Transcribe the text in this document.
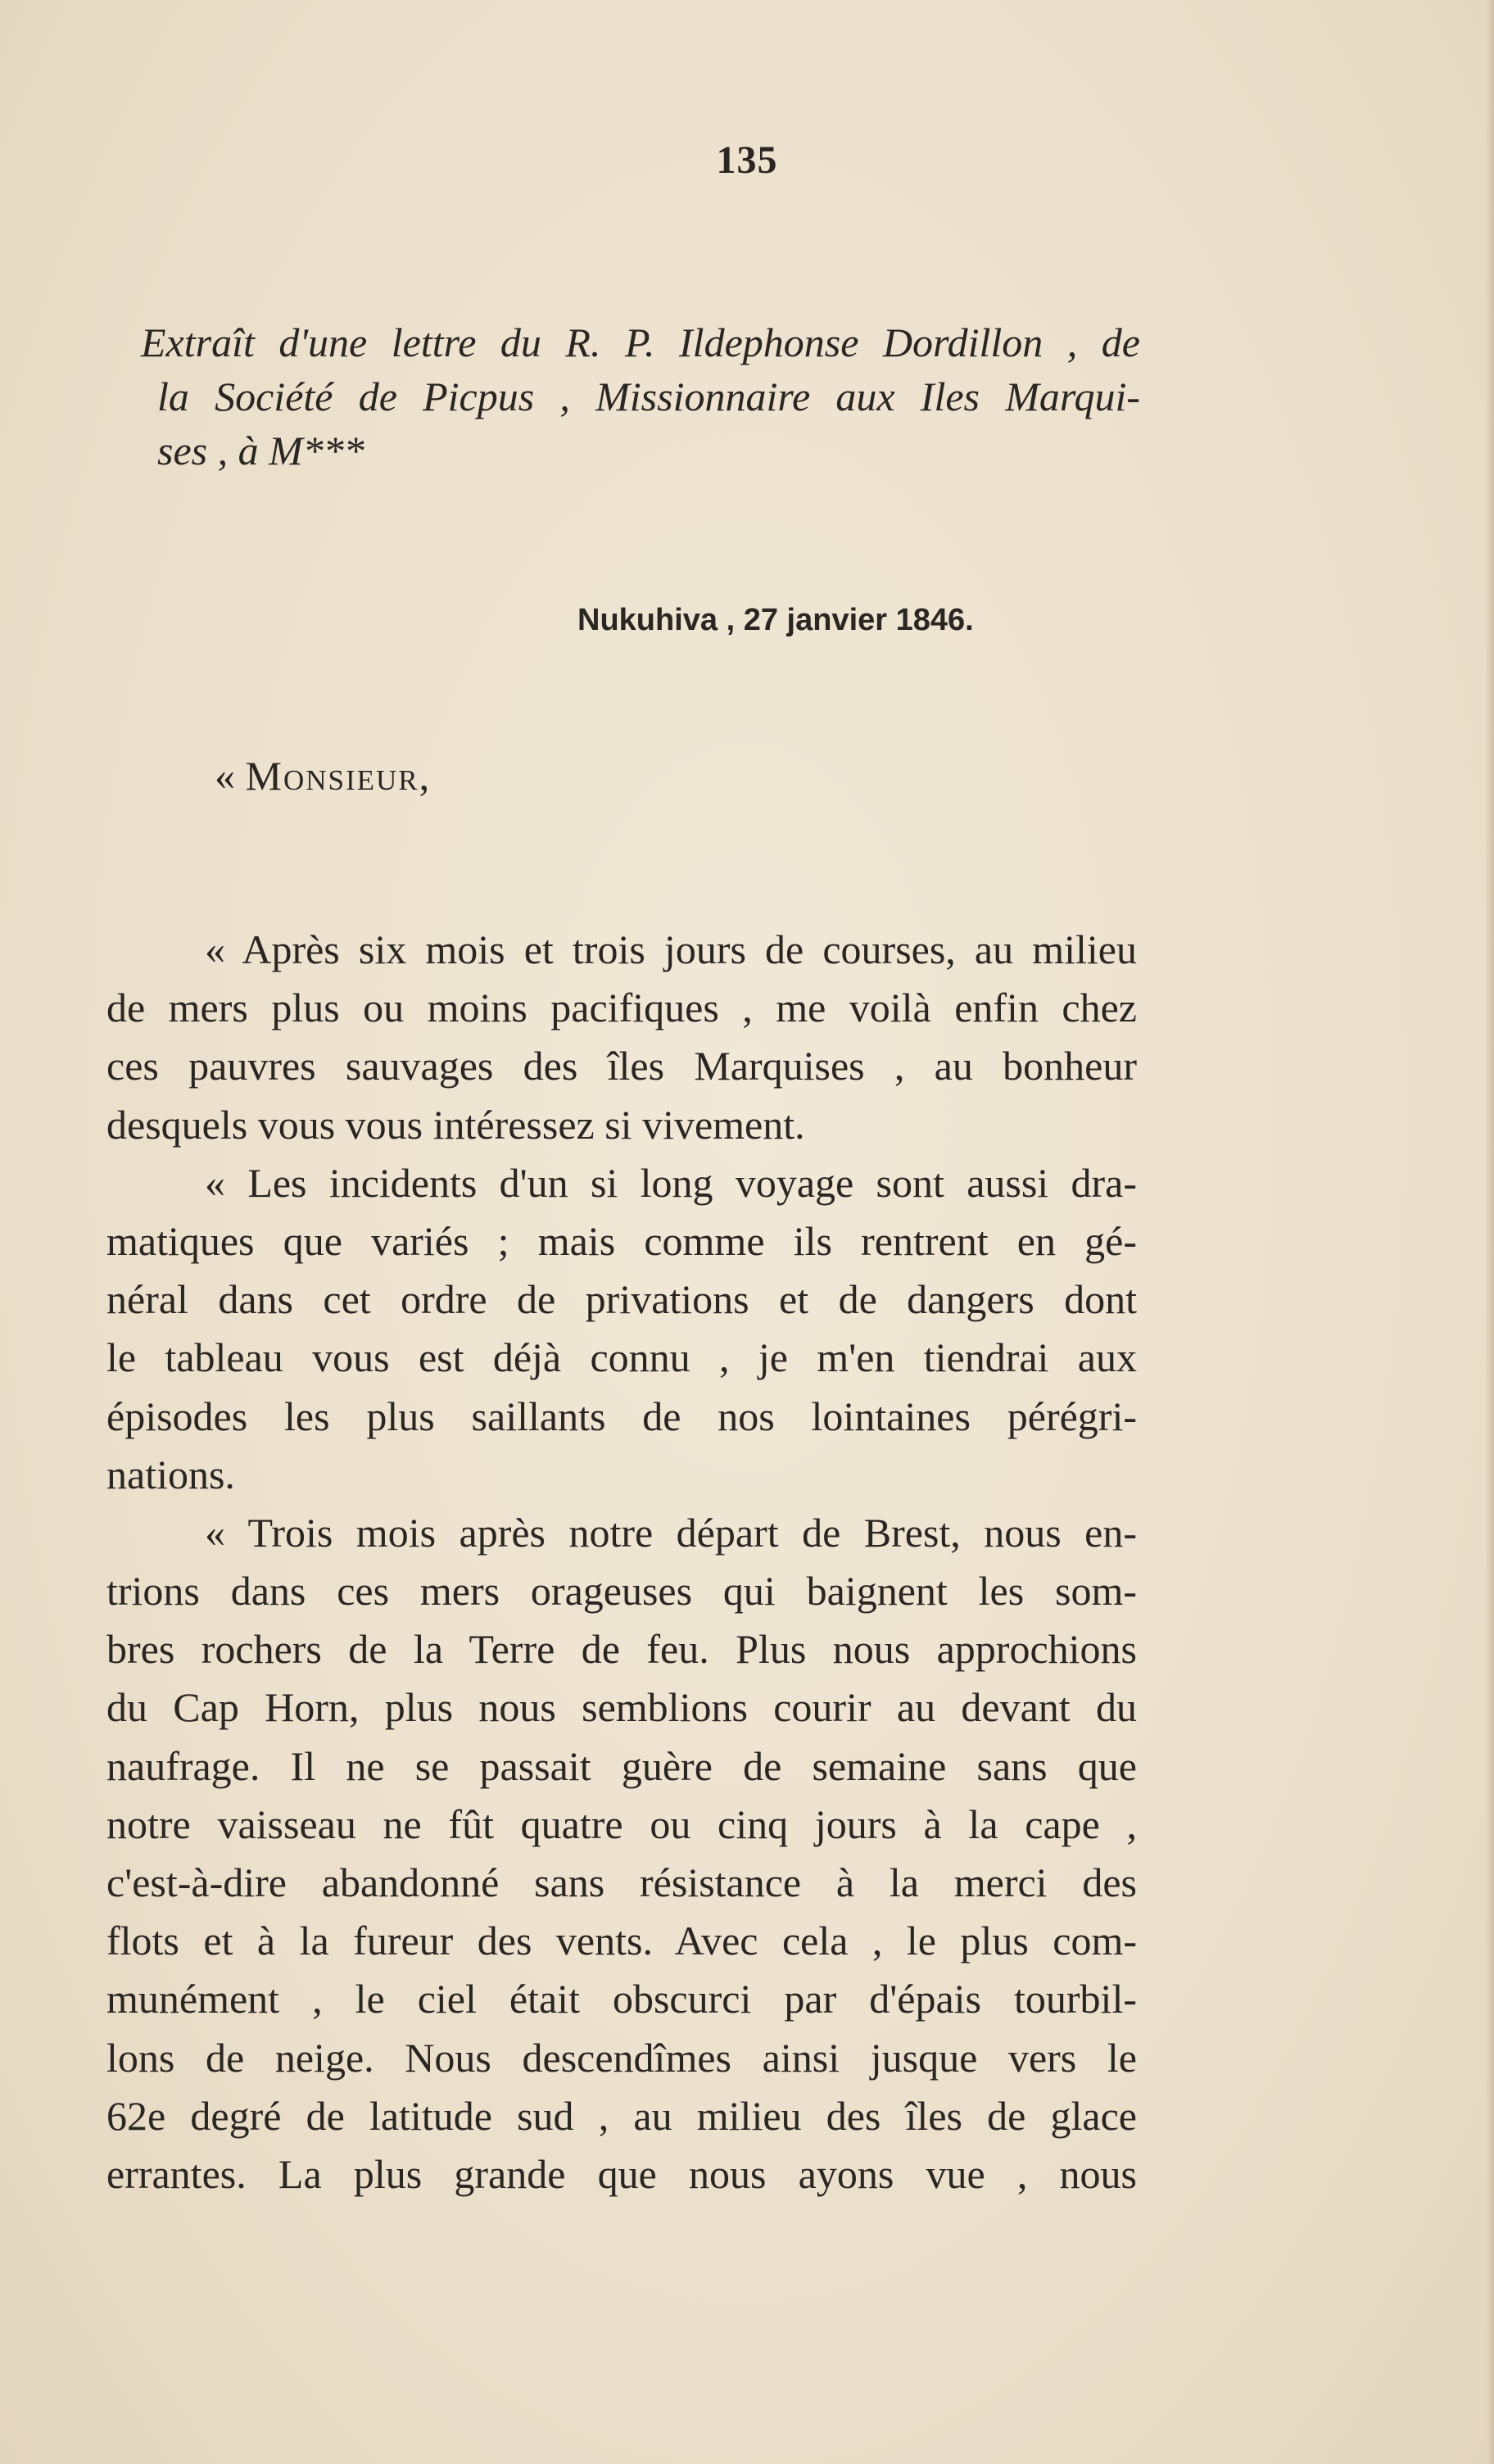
135
Extraît d'une lettre du R. P. Ildephonse Dordillon , de
la Société de Picpus , Missionnaire aux Iles Marqui-
ses , à M***
Nukuhiva , 27 janvier 1846.
« Monsieur,
« Après six mois et trois jours de courses, au milieu
de mers plus ou moins pacifiques , me voilà enfin chez
ces pauvres sauvages des îles Marquises , au bonheur
desquels vous vous intéressez si vivement.
« Les incidents d'un si long voyage sont aussi dra-
matiques que variés ; mais comme ils rentrent en gé-
néral dans cet ordre de privations et de dangers dont
le tableau vous est déjà connu , je m'en tiendrai aux
épisodes les plus saillants de nos lointaines pérégri-
nations.
« Trois mois après notre départ de Brest, nous en-
trions dans ces mers orageuses qui baignent les som-
bres rochers de la Terre de feu. Plus nous approchions
du Cap Horn, plus nous semblions courir au devant du
naufrage. Il ne se passait guère de semaine sans que
notre vaisseau ne fût quatre ou cinq jours à la cape ,
c'est-à-dire abandonné sans résistance à la merci des
flots et à la fureur des vents. Avec cela , le plus com-
munément , le ciel était obscurci par d'épais tourbil-
lons de neige. Nous descendîmes ainsi jusque vers le
62e degré de latitude sud , au milieu des îles de glace
errantes. La plus grande que nous ayons vue , nous
